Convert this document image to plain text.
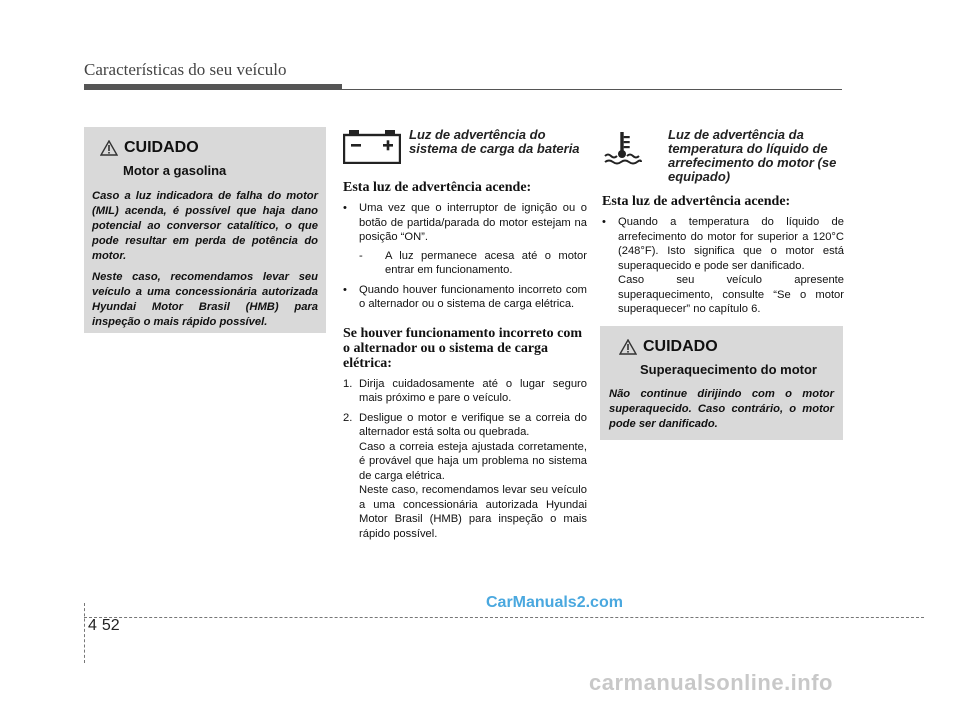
Características do seu veículo
CUIDADO
Motor a gasolina

Caso a luz indicadora de falha do motor (MIL) acenda, é possível que haja dano potencial ao conversor catalítico, o que pode resultar em perda de potência do motor.

Neste caso, recomendamos levar seu veículo a uma concessionária autorizada Hyundai Motor Brasil (HMB) para inspeção o mais rápido possível.

Luz de advertência do sistema de carga da bateria
Esta luz de advertência acende:
• Uma vez que o interruptor de ignição ou o botão de partida/parada do motor estejam na posição “ON”.
- A luz permanece acesa até o motor entrar em funcionamento.
• Quando houver funcionamento incorreto com o alternador ou o sistema de carga elétrica.
Se houver funcionamento incorreto com o alternador ou o sistema de carga elétrica:
1. Dirija cuidadosamente até o lugar seguro mais próximo e pare o veículo.
2. Desligue o motor e verifique se a correia do alternador está solta ou quebrada.
Caso a correia esteja ajustada corretamente, é provável que haja um problema no sistema de carga elétrica.
Neste caso, recomendamos levar seu veículo a uma concessionária autorizada Hyundai Motor Brasil (HMB) para inspeção o mais rápido possível.
Luz de advertência da temperatura do líquido de arrefecimento do motor (se equipado)
Esta luz de advertência acende:
• Quando a temperatura do líquido de arrefecimento do motor for superior a 120°C (248°F). Isto significa que o motor está superaquecido e pode ser danificado.
Caso seu veículo apresente superaquecimento, consulte “Se o motor superaquecer” no capítulo 6.
CUIDADO
Superaquecimento do motor

Não continue dirijindo com o motor superaquecido. Caso contrário, o motor pode ser danificado.

4 52
CarManuals2.com
carmanualsonline.info
